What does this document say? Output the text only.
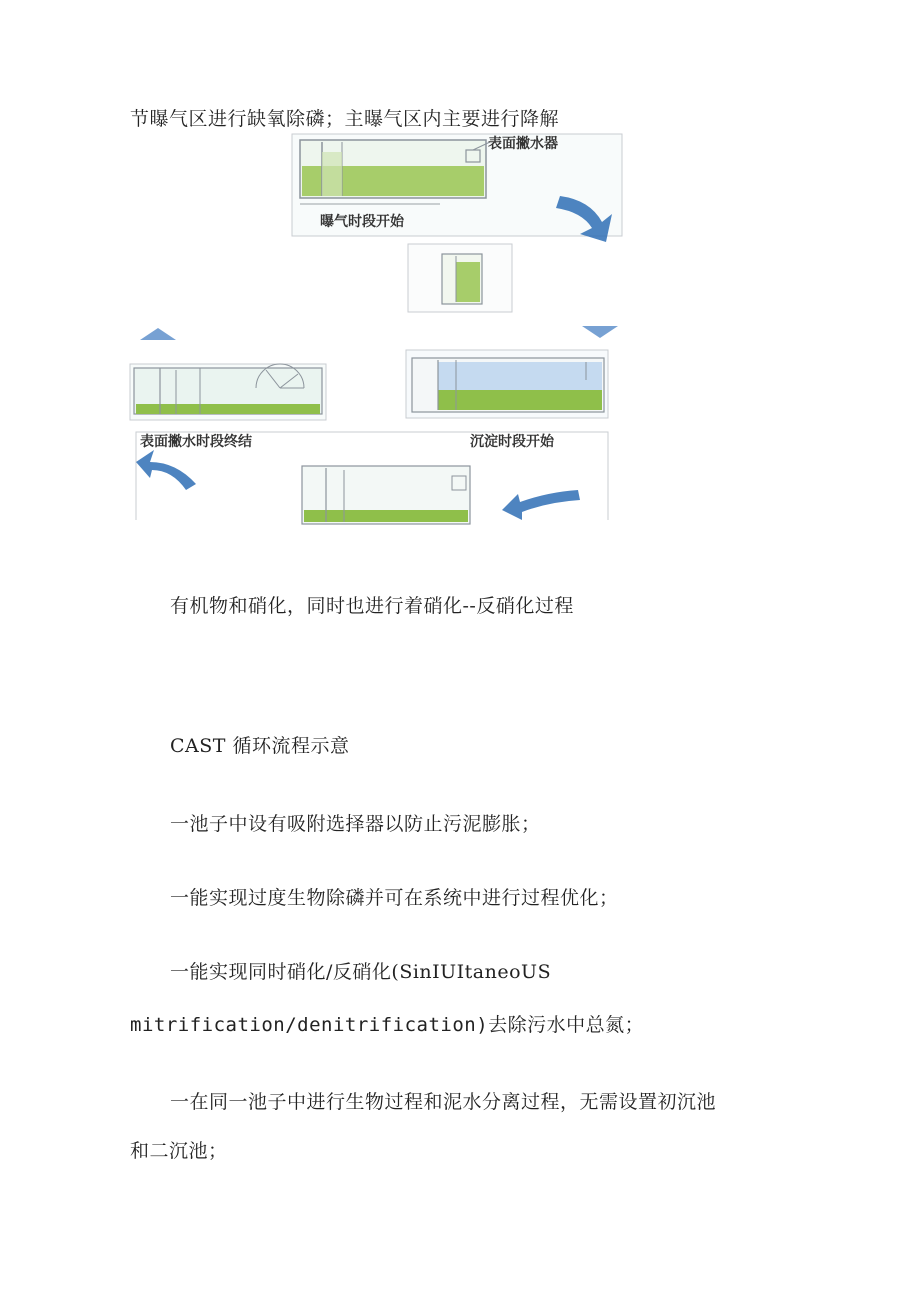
节曝气区进行缺氧除磷；主曝气区内主要进行降解
表面撇水器
曝气时段开始
表面撇水时段终结	沉淀时段开始
有机物和硝化，同时也进行着硝化--反硝化过程
CAST 循环流程示意
一池子中设有吸附选择器以防止污泥膨胀；
一能实现过度生物除磷并可在系统中进行过程优化；
一能实现同时硝化/反硝化(SinIUItaneoUS
mitrification/denitrification)去除污水中总氮；
一在同一池子中进行生物过程和泥水分离过程，无需设置初沉池
和二沉池；
